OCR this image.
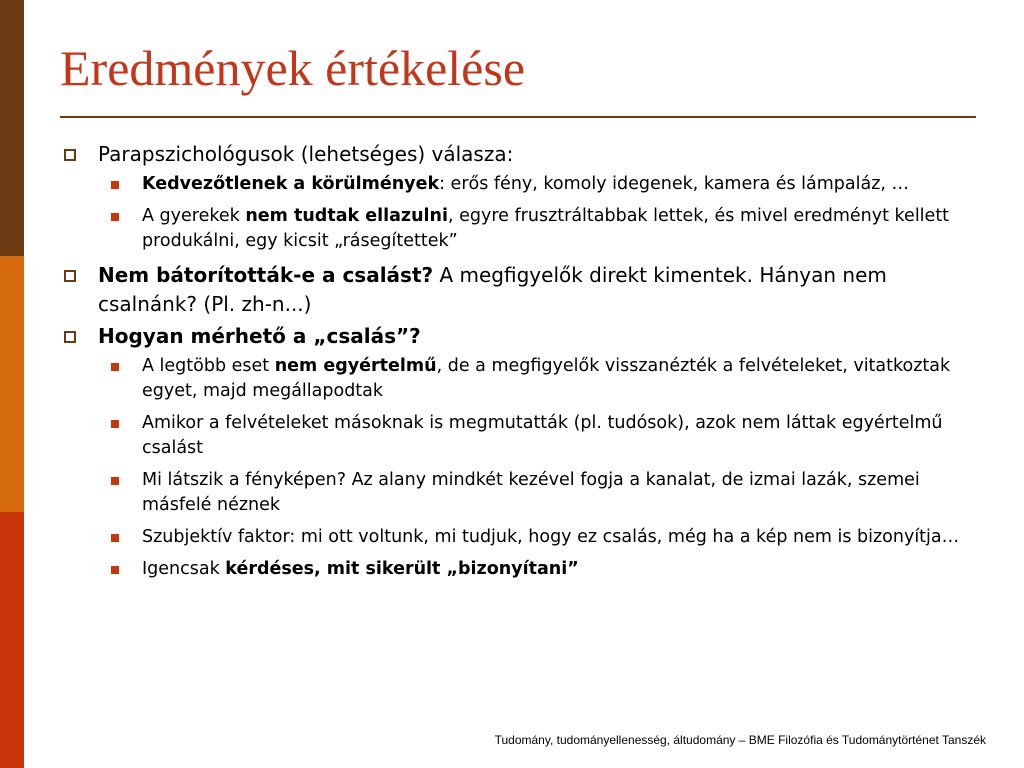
Eredmények értékelése
Parapszichológusok (lehetséges) válasza:
Kedvezőtlenek a körülmények: erős fény, komoly idegenek, kamera és lámpaláz, …
A gyerekek nem tudtak ellazulni, egyre frusztráltabbak lettek, és mivel eredményt kellett produkálni, egy kicsit „rásegítettek”
Nem bátorították-e a csalást? A megfigyelők direkt kimentek. Hányan nem csalnánk? (Pl. zh-n...)
Hogyan mérhető a „csalás”?
A legtöbb eset nem egyértelmű, de a megfigyelők visszanézték a felvételeket, vitatkoztak egyet, majd megállapodtak
Amikor a felvételeket másoknak is megmutatták (pl. tudósok), azok nem láttak egyértelmű csalást
Mi látszik a fényképen? Az alany mindkét kezével fogja a kanalat, de izmai lazák, szemei másfelé néznek
Szubjektív faktor: mi ott voltunk, mi tudjuk, hogy ez csalás, még ha a kép nem is bizonyítja…
Igencsak kérdéses, mit sikerült „bizonyítani”
Tudomány, tudományellenesség, áltudomány – BME Filozófia és Tudománytörténet Tanszék
